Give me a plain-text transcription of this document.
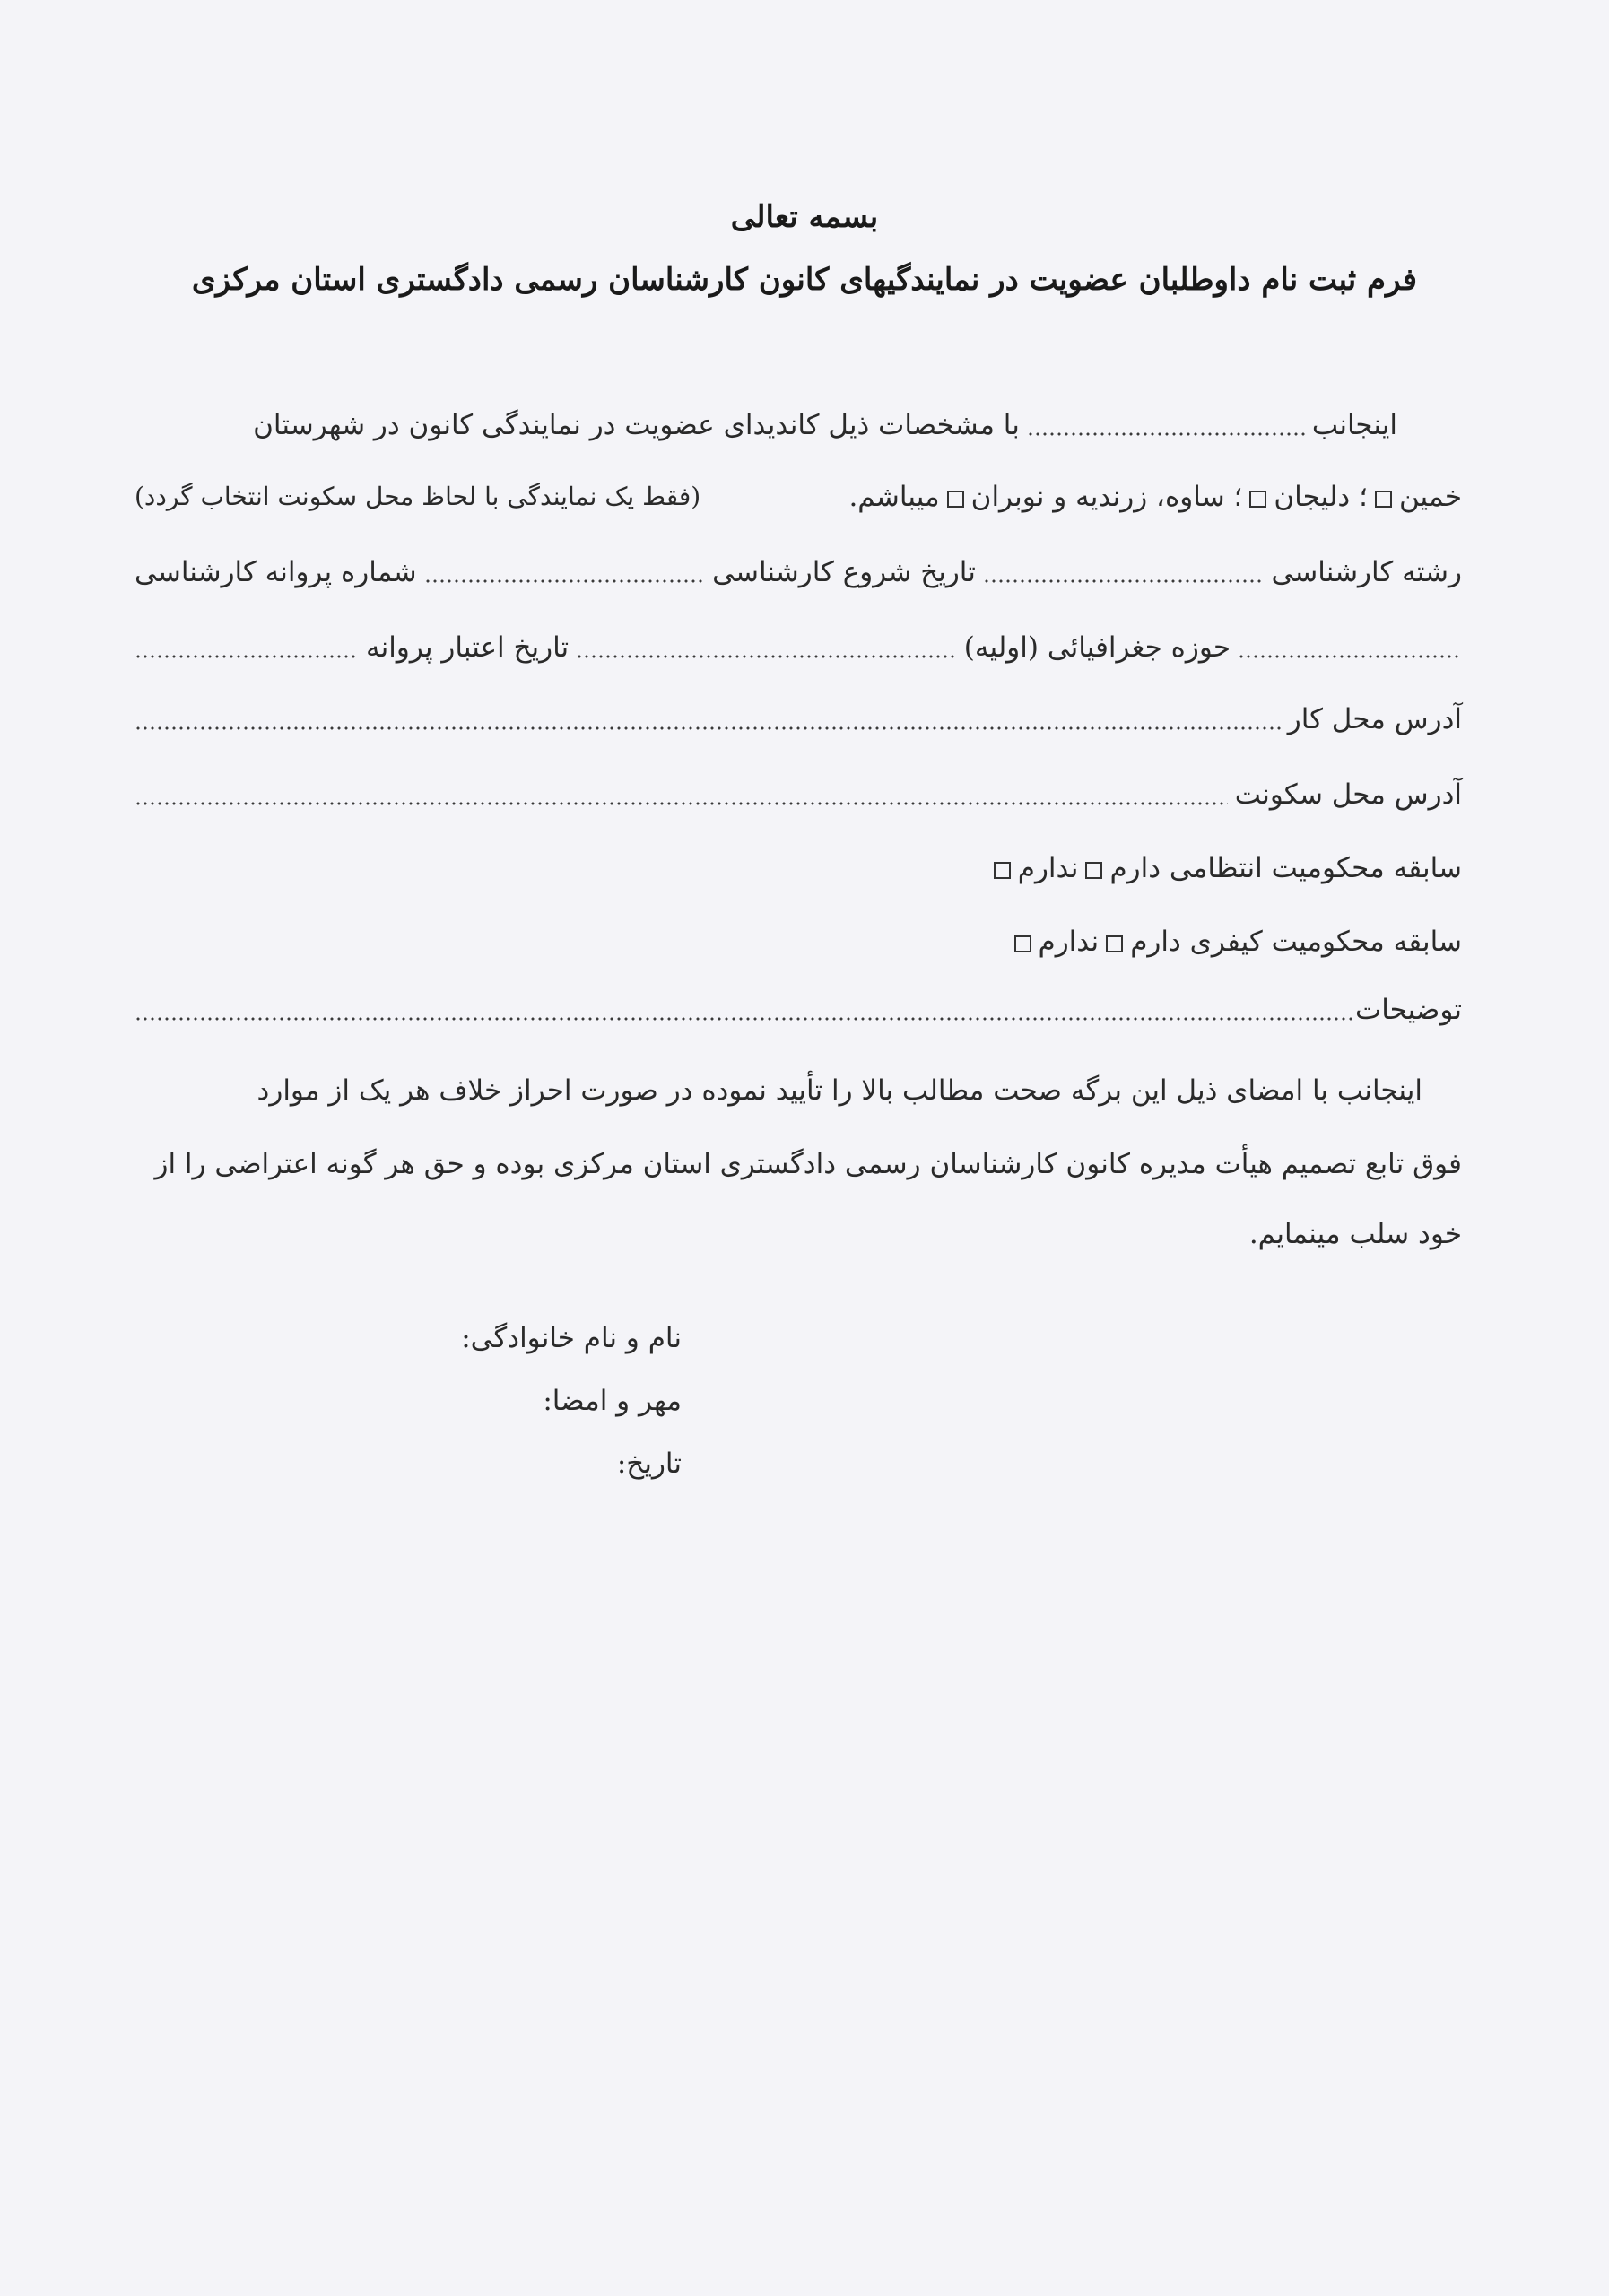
بسمه تعالی
فرم ثبت نام داوطلبان عضویت در نمایندگیهای کانون کارشناسان رسمی دادگستری استان مرکزی
اینجانب
با مشخصات ذیل کاندیدای عضویت در نمایندگی کانون در شهرستان
خمین؛ دلیجان؛ ساوه، زرندیه و نوبرانمیباشم.
(فقط یک نمایندگی با لحاظ محل سکونت انتخاب گردد)
رشته کارشناسی
تاریخ شروع کارشناسی
شماره پروانه کارشناسی
حوزه جغرافیائی (اولیه)
تاریخ اعتبار پروانه
آدرس محل کار
آدرس محل سکونت
سابقه محکومیت انتظامی دارم
ندارم
سابقه محکومیت کیفری دارم
ندارم
توضیحات
اینجانب با امضای ذیل این برگه صحت مطالب بالا را تأیید نموده در صورت احراز خلاف هر یک از موارد
فوق تابع تصمیم هیأت مدیره کانون کارشناسان رسمی دادگستری استان مرکزی بوده و حق هر گونه اعتراضی را از
خود سلب مینمایم.
نام و نام خانوادگی:
مهر و امضا:
تاریخ:
